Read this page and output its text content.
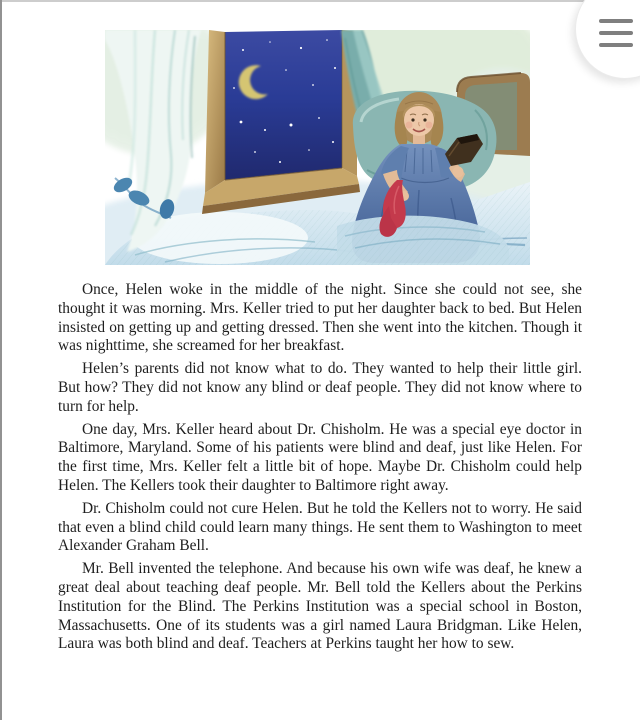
Once, Helen woke in the middle of the night. Since she could not see, she thought it was morning. Mrs. Keller tried to put her daughter back to bed. But Helen insisted on getting up and getting dressed. Then she went into the kitchen. Though it was nighttime, she screamed for her breakfast.

Helen’s parents did not know what to do. They wanted to help their little girl. But how? They did not know any blind or deaf people. They did not know where to turn for help.

One day, Mrs. Keller heard about Dr. Chisholm. He was a special eye doctor in Baltimore, Maryland. Some of his patients were blind and deaf, just like Helen. For the first time, Mrs. Keller felt a little bit of hope. Maybe Dr. Chisholm could help Helen. The Kellers took their daughter to Baltimore right away.

Dr. Chisholm could not cure Helen. But he told the Kellers not to worry. He said that even a blind child could learn many things. He sent them to Washington to meet Alexander Graham Bell.

Mr. Bell invented the telephone. And because his own wife was deaf, he knew a great deal about teaching deaf people. Mr. Bell told the Kellers about the Perkins Institution for the Blind. The Perkins Institution was a special school in Boston, Massachusetts. One of its students was a girl named Laura Bridgman. Like Helen, Laura was both blind and deaf. Teachers at Perkins taught her how to sew.
